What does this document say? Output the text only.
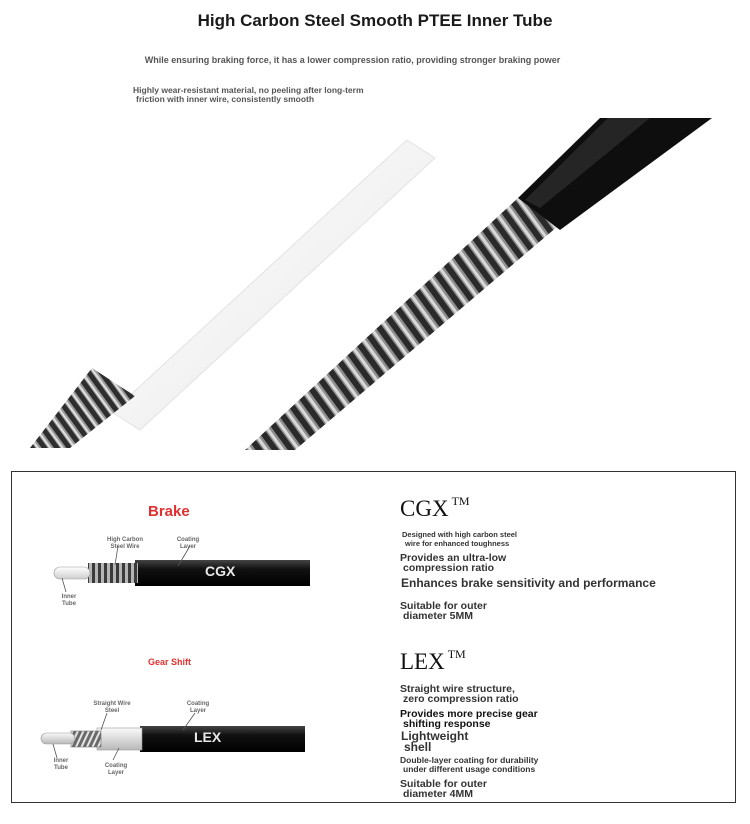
High Carbon Steel Smooth PTEE Inner Tube
While ensuring braking force, it has a lower compression ratio, providing stronger braking power
Highly wear-resistant material, no peeling after long-term
friction with inner wire, consistently smooth
Brake
CGX
High Carbon
Steel Wire
Coating
Layer
Inner
Tube
Gear Shift
LEX
Straight Wire
Steel
Coating
Layer
Inner
Tube	Coating
Layer
CGX ™
Designed with high carbon steel
wire for enhanced toughness
Provides an ultra-low
compression ratio
Enhances brake sensitivity and performance
Suitable for outer
diameter 5MM
LEX ™
Straight wire structure,
zero compression ratio
Provides more precise gear
shifting response
Lightweight
shell
Double-layer coating for durability
under different usage conditions
Suitable for outer
diameter 4MM
